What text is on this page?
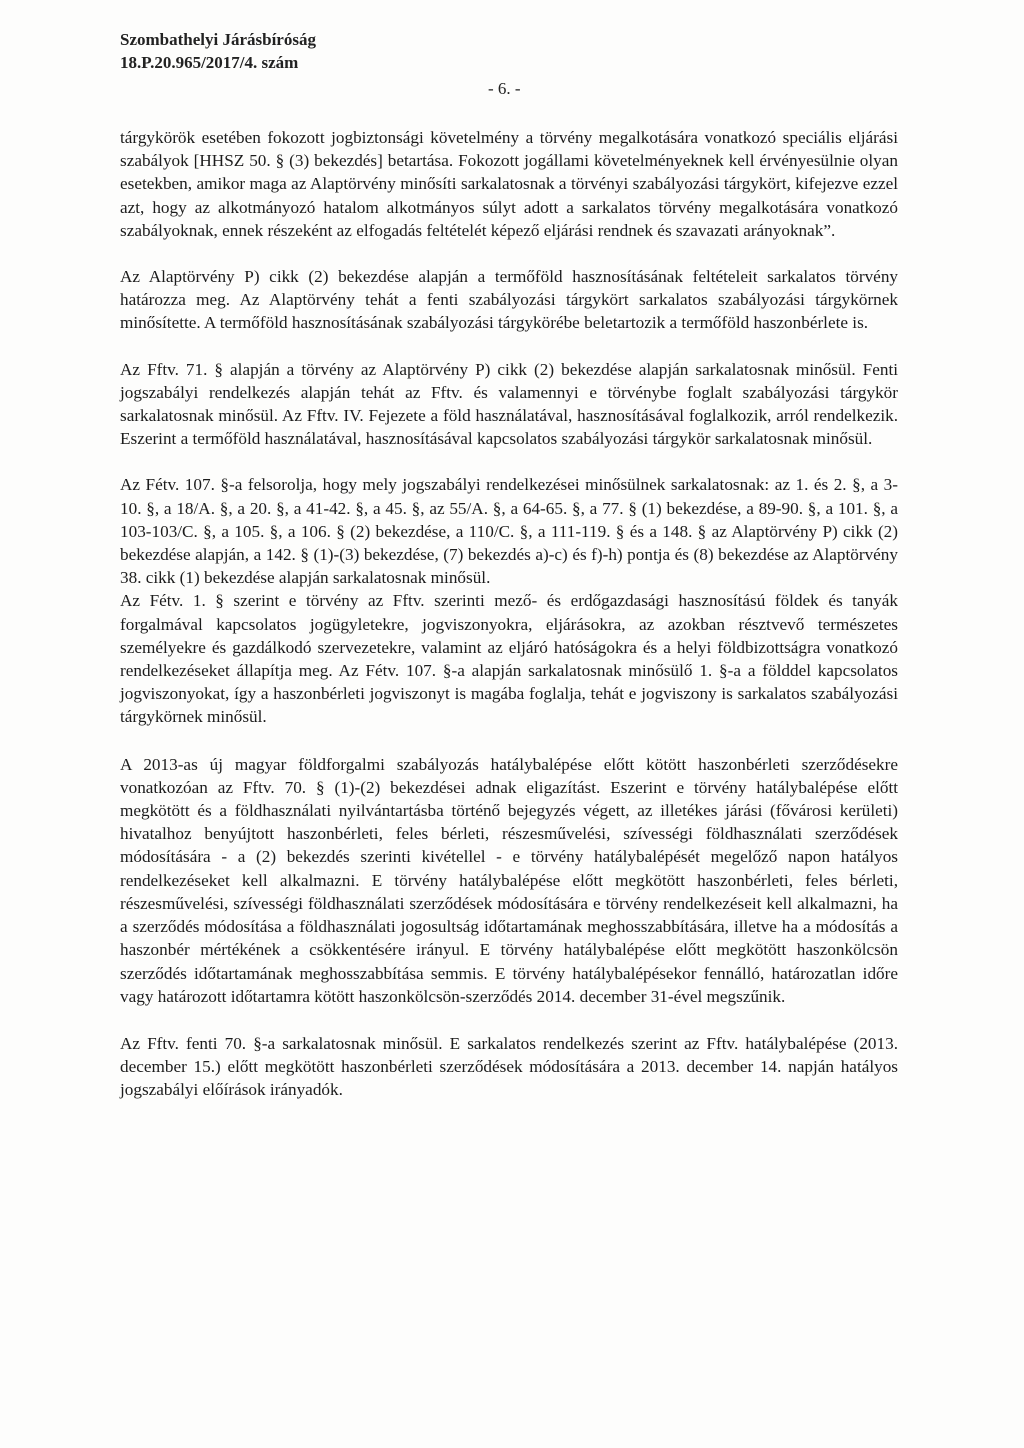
Szombathelyi Járásbíróság
18.P.20.965/2017/4. szám
- 6. -

tárgykörök esetében fokozott jogbiztonsági követelmény a törvény megalkotására vonatkozó speciális eljárási szabályok [HHSZ 50. § (3) bekezdés] betartása. Fokozott jogállami követelményeknek kell érvényesülnie olyan esetekben, amikor maga az Alaptörvény minősíti sarkalatosnak a törvényi szabályozási tárgykört, kifejezve ezzel azt, hogy az alkotmányozó hatalom alkotmányos súlyt adott a sarkalatos törvény megalkotására vonatkozó szabályoknak, ennek részeként az elfogadás feltételét képező eljárási rendnek és szavazati arányoknak”.

Az Alaptörvény P) cikk (2) bekezdése alapján a termőföld hasznosításának feltételeit sarkalatos törvény határozza meg. Az Alaptörvény tehát a fenti szabályozási tárgykört sarkalatos szabályozási tárgykörnek minősítette. A termőföld hasznosításának szabályozási tárgykörébe beletartozik a termőföld haszonbérlete is.

Az Fftv. 71. § alapján a törvény az Alaptörvény P) cikk (2) bekezdése alapján sarkalatosnak minősül. Fenti jogszabályi rendelkezés alapján tehát az Fftv. és valamennyi e törvénybe foglalt szabályozási tárgykör sarkalatosnak minősül. Az Fftv. IV. Fejezete a föld használatával, hasznosításával foglalkozik, arról rendelkezik. Eszerint a termőföld használatával, hasznosításával kapcsolatos szabályozási tárgykör sarkalatosnak minősül.

Az Fétv. 107. §-a felsorolja, hogy mely jogszabályi rendelkezései minősülnek sarkalatosnak: az 1. és 2. §, a 3-10. §, a 18/A. §, a 20. §, a 41-42. §, a 45. §, az 55/A. §, a 64-65. §, a 77. § (1) bekezdése, a 89-90. §, a 101. §, a 103-103/C. §, a 105. §, a 106. § (2) bekezdése, a 110/C. §, a 111-119. § és a 148. § az Alaptörvény P) cikk (2) bekezdése alapján, a 142. § (1)-(3) bekezdése, (7) bekezdés a)-c) és f)-h) pontja és (8) bekezdése az Alaptörvény 38. cikk (1) bekezdése alapján sarkalatosnak minősül.

Az Fétv. 1. § szerint e törvény az Fftv. szerinti mező- és erdőgazdasági hasznosítású földek és tanyák forgalmával kapcsolatos jogügyletekre, jogviszonyokra, eljárásokra, az azokban résztvevő természetes személyekre és gazdálkodó szervezetekre, valamint az eljáró hatóságokra és a helyi földbizottságra vonatkozó rendelkezéseket állapítja meg. Az Fétv. 107. §-a alapján sarkalatosnak minősülő 1. §-a a földdel kapcsolatos jogviszonyokat, így a haszonbérleti jogviszonyt is magába foglalja, tehát e jogviszony is sarkalatos szabályozási tárgykörnek minősül.

A 2013-as új magyar földforgalmi szabályozás hatálybalépése előtt kötött haszonbérleti szerződésekre vonatkozóan az Fftv. 70. § (1)-(2) bekezdései adnak eligazítást. Eszerint e törvény hatálybalépése előtt megkötött és a földhasználati nyilvántartásba történő bejegyzés végett, az illetékes járási (fővárosi kerületi) hivatalhoz benyújtott haszonbérleti, feles bérleti, részesművelési, szívességi földhasználati szerződések módosítására - a (2) bekezdés szerinti kivétellel - e törvény hatálybalépését megelőző napon hatályos rendelkezéseket kell alkalmazni. E törvény hatálybalépése előtt megkötött haszonbérleti, feles bérleti, részesművelési, szívességi földhasználati szerződések módosítására e törvény rendelkezéseit kell alkalmazni, ha a szerződés módosítása a földhasználati jogosultság időtartamának meghosszabbítására, illetve ha a módosítás a haszonbér mértékének a csökkentésére irányul. E törvény hatálybalépése előtt megkötött haszonkölcsön szerződés időtartamának meghosszabbítása semmis. E törvény hatálybalépésekor fennálló, határozatlan időre vagy határozott időtartamra kötött haszonkölcsön-szerződés 2014. december 31-ével megszűnik.

Az Fftv. fenti 70. §-a sarkalatosnak minősül. E sarkalatos rendelkezés szerint az Fftv. hatálybalépése (2013. december 15.) előtt megkötött haszonbérleti szerződések módosítására a 2013. december 14. napján hatályos jogszabályi előírások irányadók.
